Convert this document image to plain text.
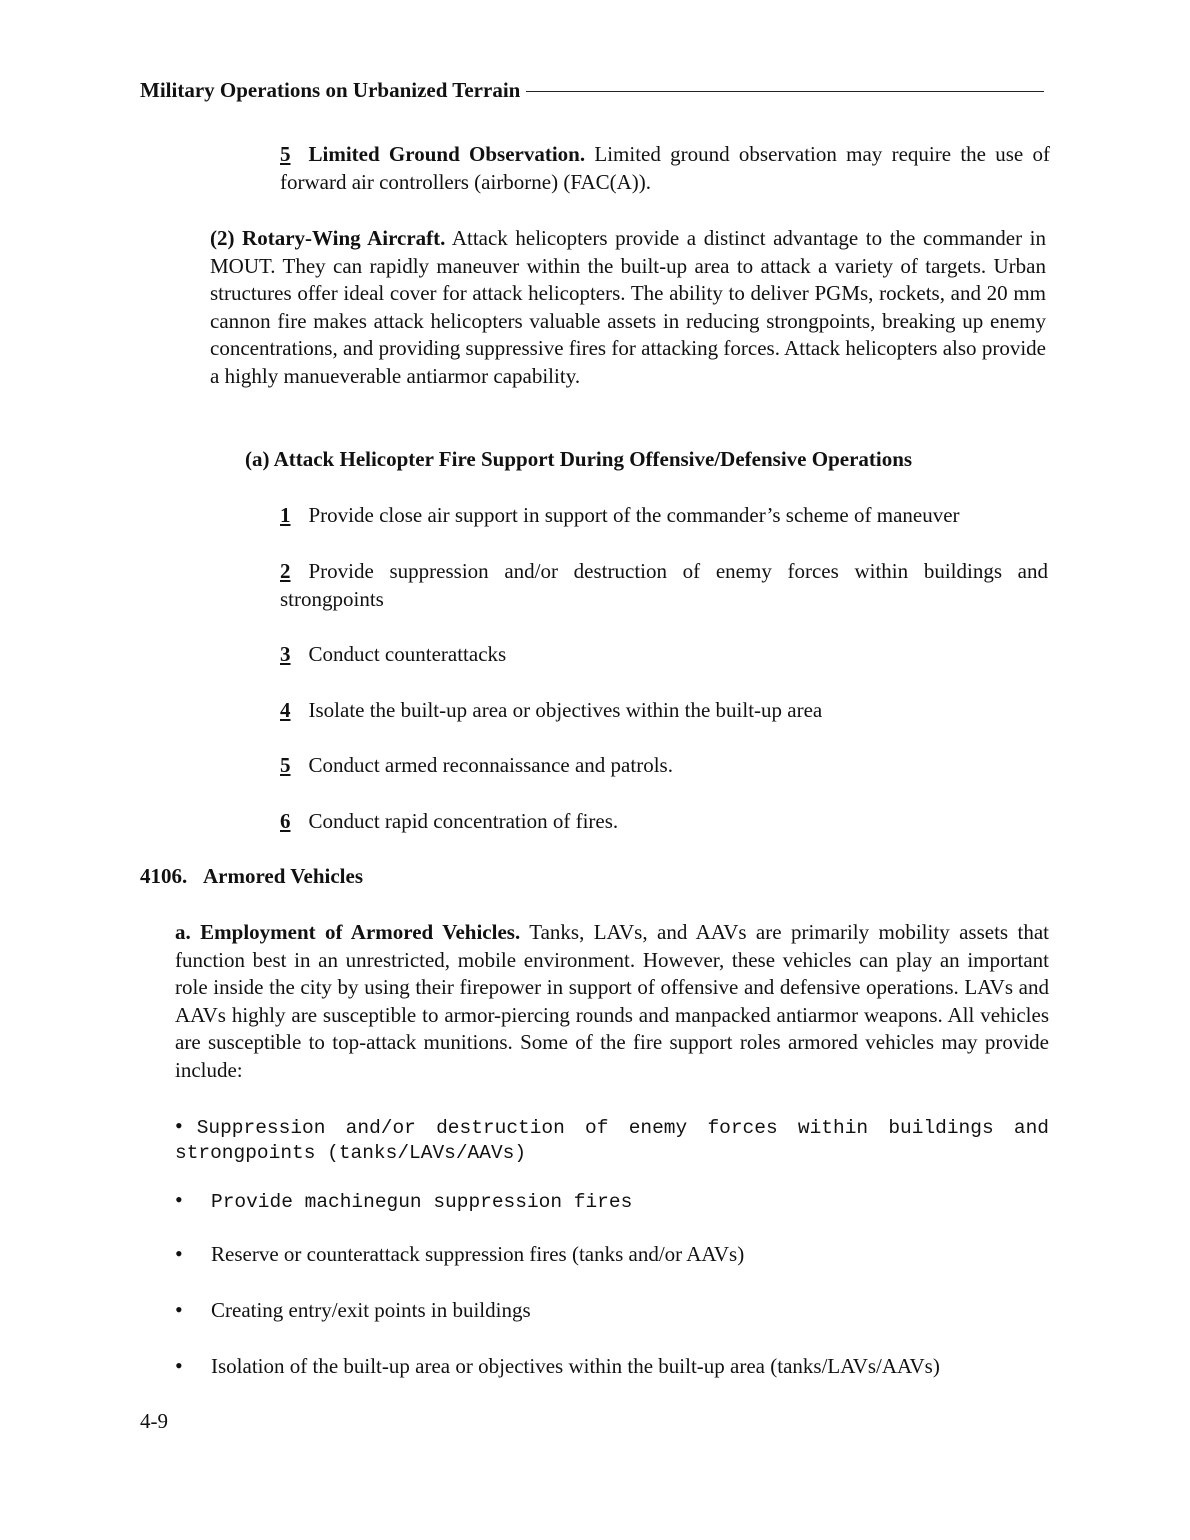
Military Operations on Urbanized Terrain
5 Limited Ground Observation. Limited ground observation may require the use of forward air controllers (airborne) (FAC(A)).
(2) Rotary-Wing Aircraft. Attack helicopters provide a distinct advantage to the commander in MOUT. They can rapidly maneuver within the built-up area to attack a variety of targets. Urban structures offer ideal cover for attack helicopters. The ability to deliver PGMs, rockets, and 20 mm cannon fire makes attack helicopters valuable assets in reducing strongpoints, breaking up enemy concentrations, and providing suppressive fires for attacking forces. Attack helicopters also provide a highly manueverable antiarmor capability.
(a) Attack Helicopter Fire Support During Offensive/Defensive Operations
1 Provide close air support in support of the commander’s scheme of maneuver
2 Provide suppression and/or destruction of enemy forces within buildings and strongpoints
3 Conduct counterattacks
4 Isolate the built-up area or objectives within the built-up area
5 Conduct armed reconnaissance and patrols.
6 Conduct rapid concentration of fires.
4106. Armored Vehicles
a. Employment of Armored Vehicles. Tanks, LAVs, and AAVs are primarily mobility assets that function best in an unrestricted, mobile environment. However, these vehicles can play an important role inside the city by using their firepower in support of offensive and defensive operations. LAVs and AAVs highly are susceptible to armor-piercing rounds and manpacked antiarmor weapons. All vehicles are susceptible to top-attack munitions. Some of the fire support roles armored vehicles may provide include:
• Suppression and/or destruction of enemy forces within buildings and strongpoints (tanks/LAVs/AAVs)
• Provide machinegun suppression fires
• Reserve or counterattack suppression fires (tanks and/or AAVs)
• Creating entry/exit points in buildings
• Isolation of the built-up area or objectives within the built-up area (tanks/LAVs/AAVs)
4-9
